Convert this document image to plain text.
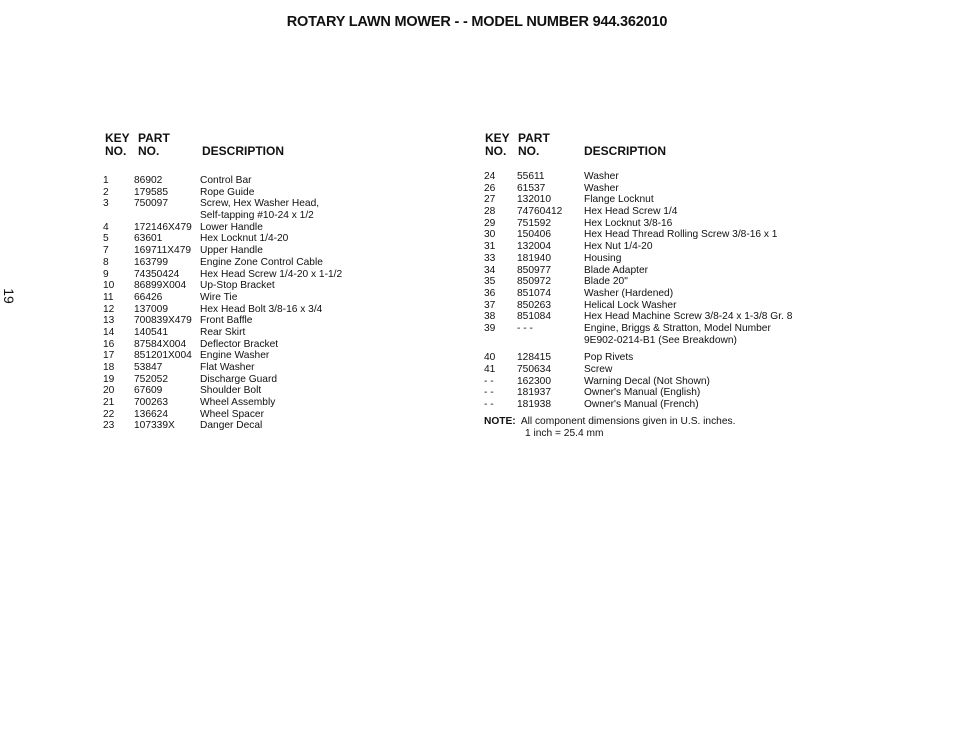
ROTARY LAWN MOWER - - MODEL NUMBER 944.362010
19
KEY PART
NO. NO.	DESCRIPTION
1 86902	Control Bar
2 179585	Rope Guide
3 750097	Screw, Hex Washer Head,
Self-tapping #10-24 x 1/2
4 172146X479 Lower Handle
5 63601	Hex Locknut 1/4-20
7 169711X479 Upper Handle
8 163799	Engine Zone Control Cable
9 74350424 Hex Head Screw 1/4-20 x 1-1/2
10 86899X004 Up-Stop Bracket
11 66426	Wire Tie
12 137009	Hex Head Bolt 3/8-16 x 3/4
13 700839X479 Front Baffle
14 140541	Rear Skirt
16 87584X004 Deflector Bracket
17 851201X004 Engine Washer
18 53847	Flat Washer
19 752052	Discharge Guard
20 67609	Shoulder Bolt
21 700263	Wheel Assembly
22 136624	Wheel Spacer
23 107339X Danger Decal
KEY PART
NO. NO.	DESCRIPTION
24 55611	Washer
26 61537	Washer
27 132010	Flange Locknut
28 74760412 Hex Head Screw 1/4
29 751592	Hex Locknut 3/8-16
30 150406	Hex Head Thread Rolling Screw 3/8-16 x 1
31 132004	Hex Nut 1/4-20
33 181940	Housing
34 850977	Blade Adapter
35 850972	Blade 20"
36 851074	Washer (Hardened)
37 850263	Helical Lock Washer
38 851084	Hex Head Machine Screw 3/8-24 x 1-3/8 Gr. 8
39 - - -	Engine, Briggs & Stratton, Model Number
9E902-0214-B1 (See Breakdown)
40 128415	Pop Rivets
41 750634	Screw
- - 162300	Warning Decal (Not Shown)
- - 181937	Owner's Manual (English)
- - 181938	Owner's Manual (French)
NOTE: All component dimensions given in U.S. inches.
1 inch = 25.4 mm
